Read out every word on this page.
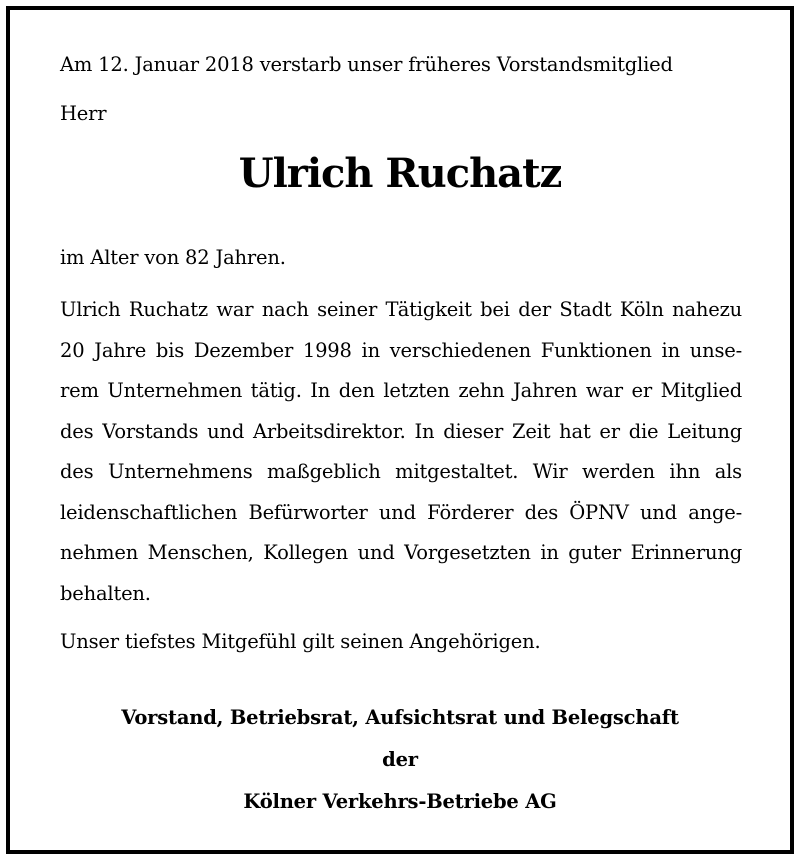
Am 12. Januar 2018 verstarb unser früheres Vorstandsmitglied

Herr

Ulrich Ruchatz

im Alter von 82 Jahren.

Ulrich Ruchatz war nach seiner Tätigkeit bei der Stadt Köln nahezu
20 Jahre bis Dezember 1998 in verschiedenen Funktionen in unse-
rem Unternehmen tätig. In den letzten zehn Jahren war er Mitglied
des Vorstands und Arbeitsdirektor. In dieser Zeit hat er die Leitung
des Unternehmens maßgeblich mitgestaltet. Wir werden ihn als
leidenschaftlichen Befürworter und Förderer des ÖPNV und ange-
nehmen Menschen, Kollegen und Vorgesetzten in guter Erinnerung
behalten.

Unser tiefstes Mitgefühl gilt seinen Angehörigen.

Vorstand, Betriebsrat, Aufsichtsrat und Belegschaft

der

Kölner Verkehrs-Betriebe AG
